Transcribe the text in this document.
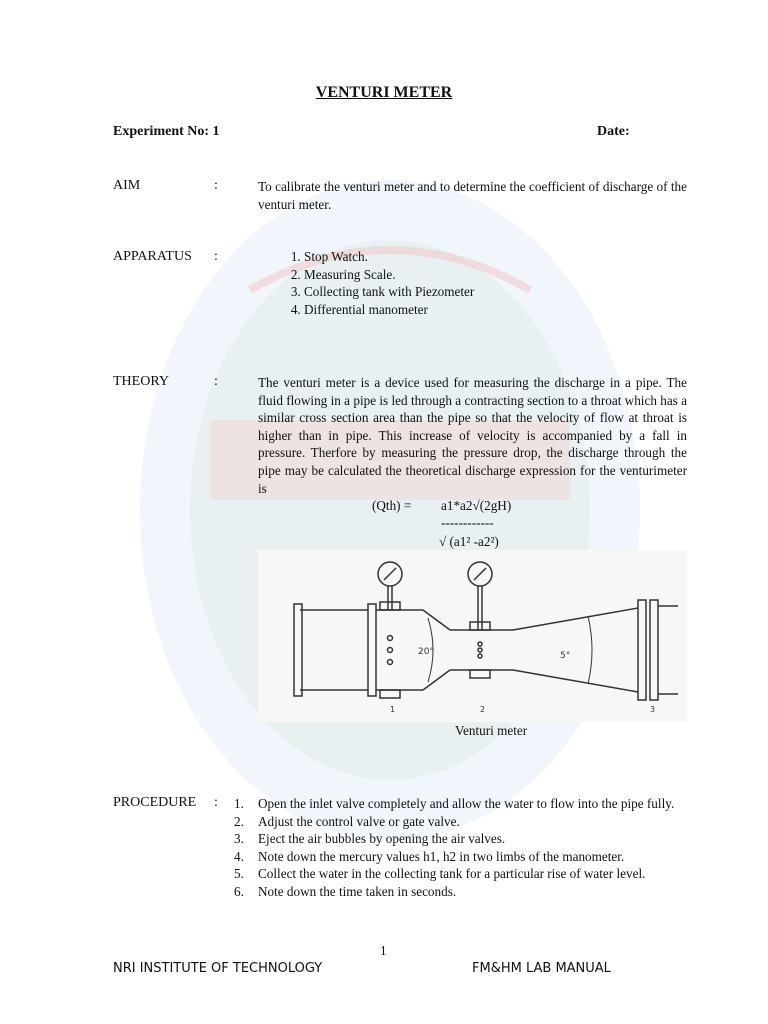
VENTURI METER
Experiment No: 1	Date:
AIM	:	To calibrate the venturi meter and to determine the coefficient of discharge of the venturi meter.
APPARATUS :
1.	Stop Watch.
2. Measuring Scale.
3. Collecting tank with Piezometer
4. Differential manometer
THEORY	:	The venturi meter is a device used for measuring the discharge in a pipe. The fluid flowing in a pipe is led through a contracting section to a throat which has a similar cross section area than the pipe so that the velocity of flow at throat is higher than in pipe. This increase of velocity is accompanied by a fall in pressure. Therfore by measuring the pressure drop, the discharge through the pipe may be calculated the theoretical discharge expression for the venturimeter is
(Qth) = a1*a2√(2gH)
------------
√ (a1² -a2²)
20°	5°
1	2	3
Venturi meter
PROCEDURE : 1. Open the inlet valve completely and allow the water to flow into the pipe fully.
2. Adjust the control valve or gate valve.
3. Eject the air bubbles by opening the air valves.
4. Note down the mercury values h1, h2 in two limbs of the manometer.
5. Collect the water in the collecting tank for a particular rise of water level.
6. Note down the time taken in seconds.
1
NRI INSTITUTE OF TECHNOLOGY	FM&HM LAB MANUAL
